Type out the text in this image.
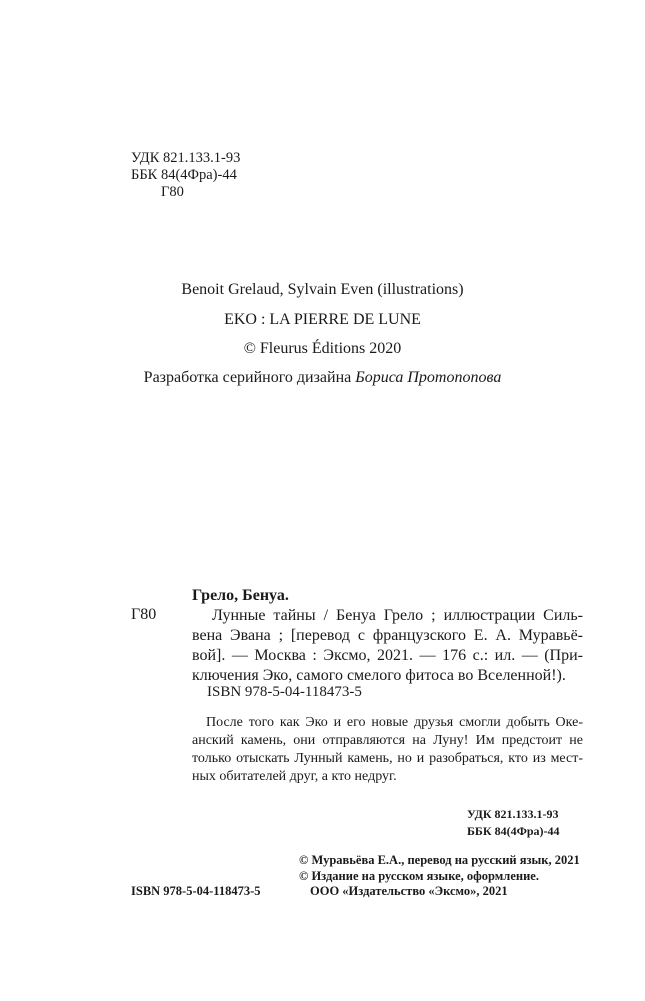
УДК 821.133.1-93
ББК 84(4Фра)-44
Г80
Benoit Grelaud, Sylvain Even (illustrations)
EKO : LA PIERRE DE LUNE
© Fleurus Éditions 2020
Разработка серийного дизайна Бориса Протопопова
Грело, Бенуа.
Г80	Лунные тайны / Бенуа Грело ; иллюстрации Силь-
вена Эвана ; [перевод с французского Е. А. Муравьё-
вой]. — Москва : Эксмо, 2021. — 176 с.: ил. — (При-
ключения Эко, самого смелого фитоса во Вселенной!).
ISBN 978-5-04-118473-5
После того как Эко и его новые друзья смогли добыть Оке-
анский камень, они отправляются на Луну! Им предстоит не
только отыскать Лунный камень, но и разобраться, кто из мест-
ных обитателей друг, а кто недруг.
УДК 821.133.1-93
ББК 84(4Фра)-44
© Муравьёва Е.А., перевод на русский язык, 2021
© Издание на русском языке, оформление.
ООО «Издательство «Эксмо», 2021
ISBN 978-5-04-118473-5
